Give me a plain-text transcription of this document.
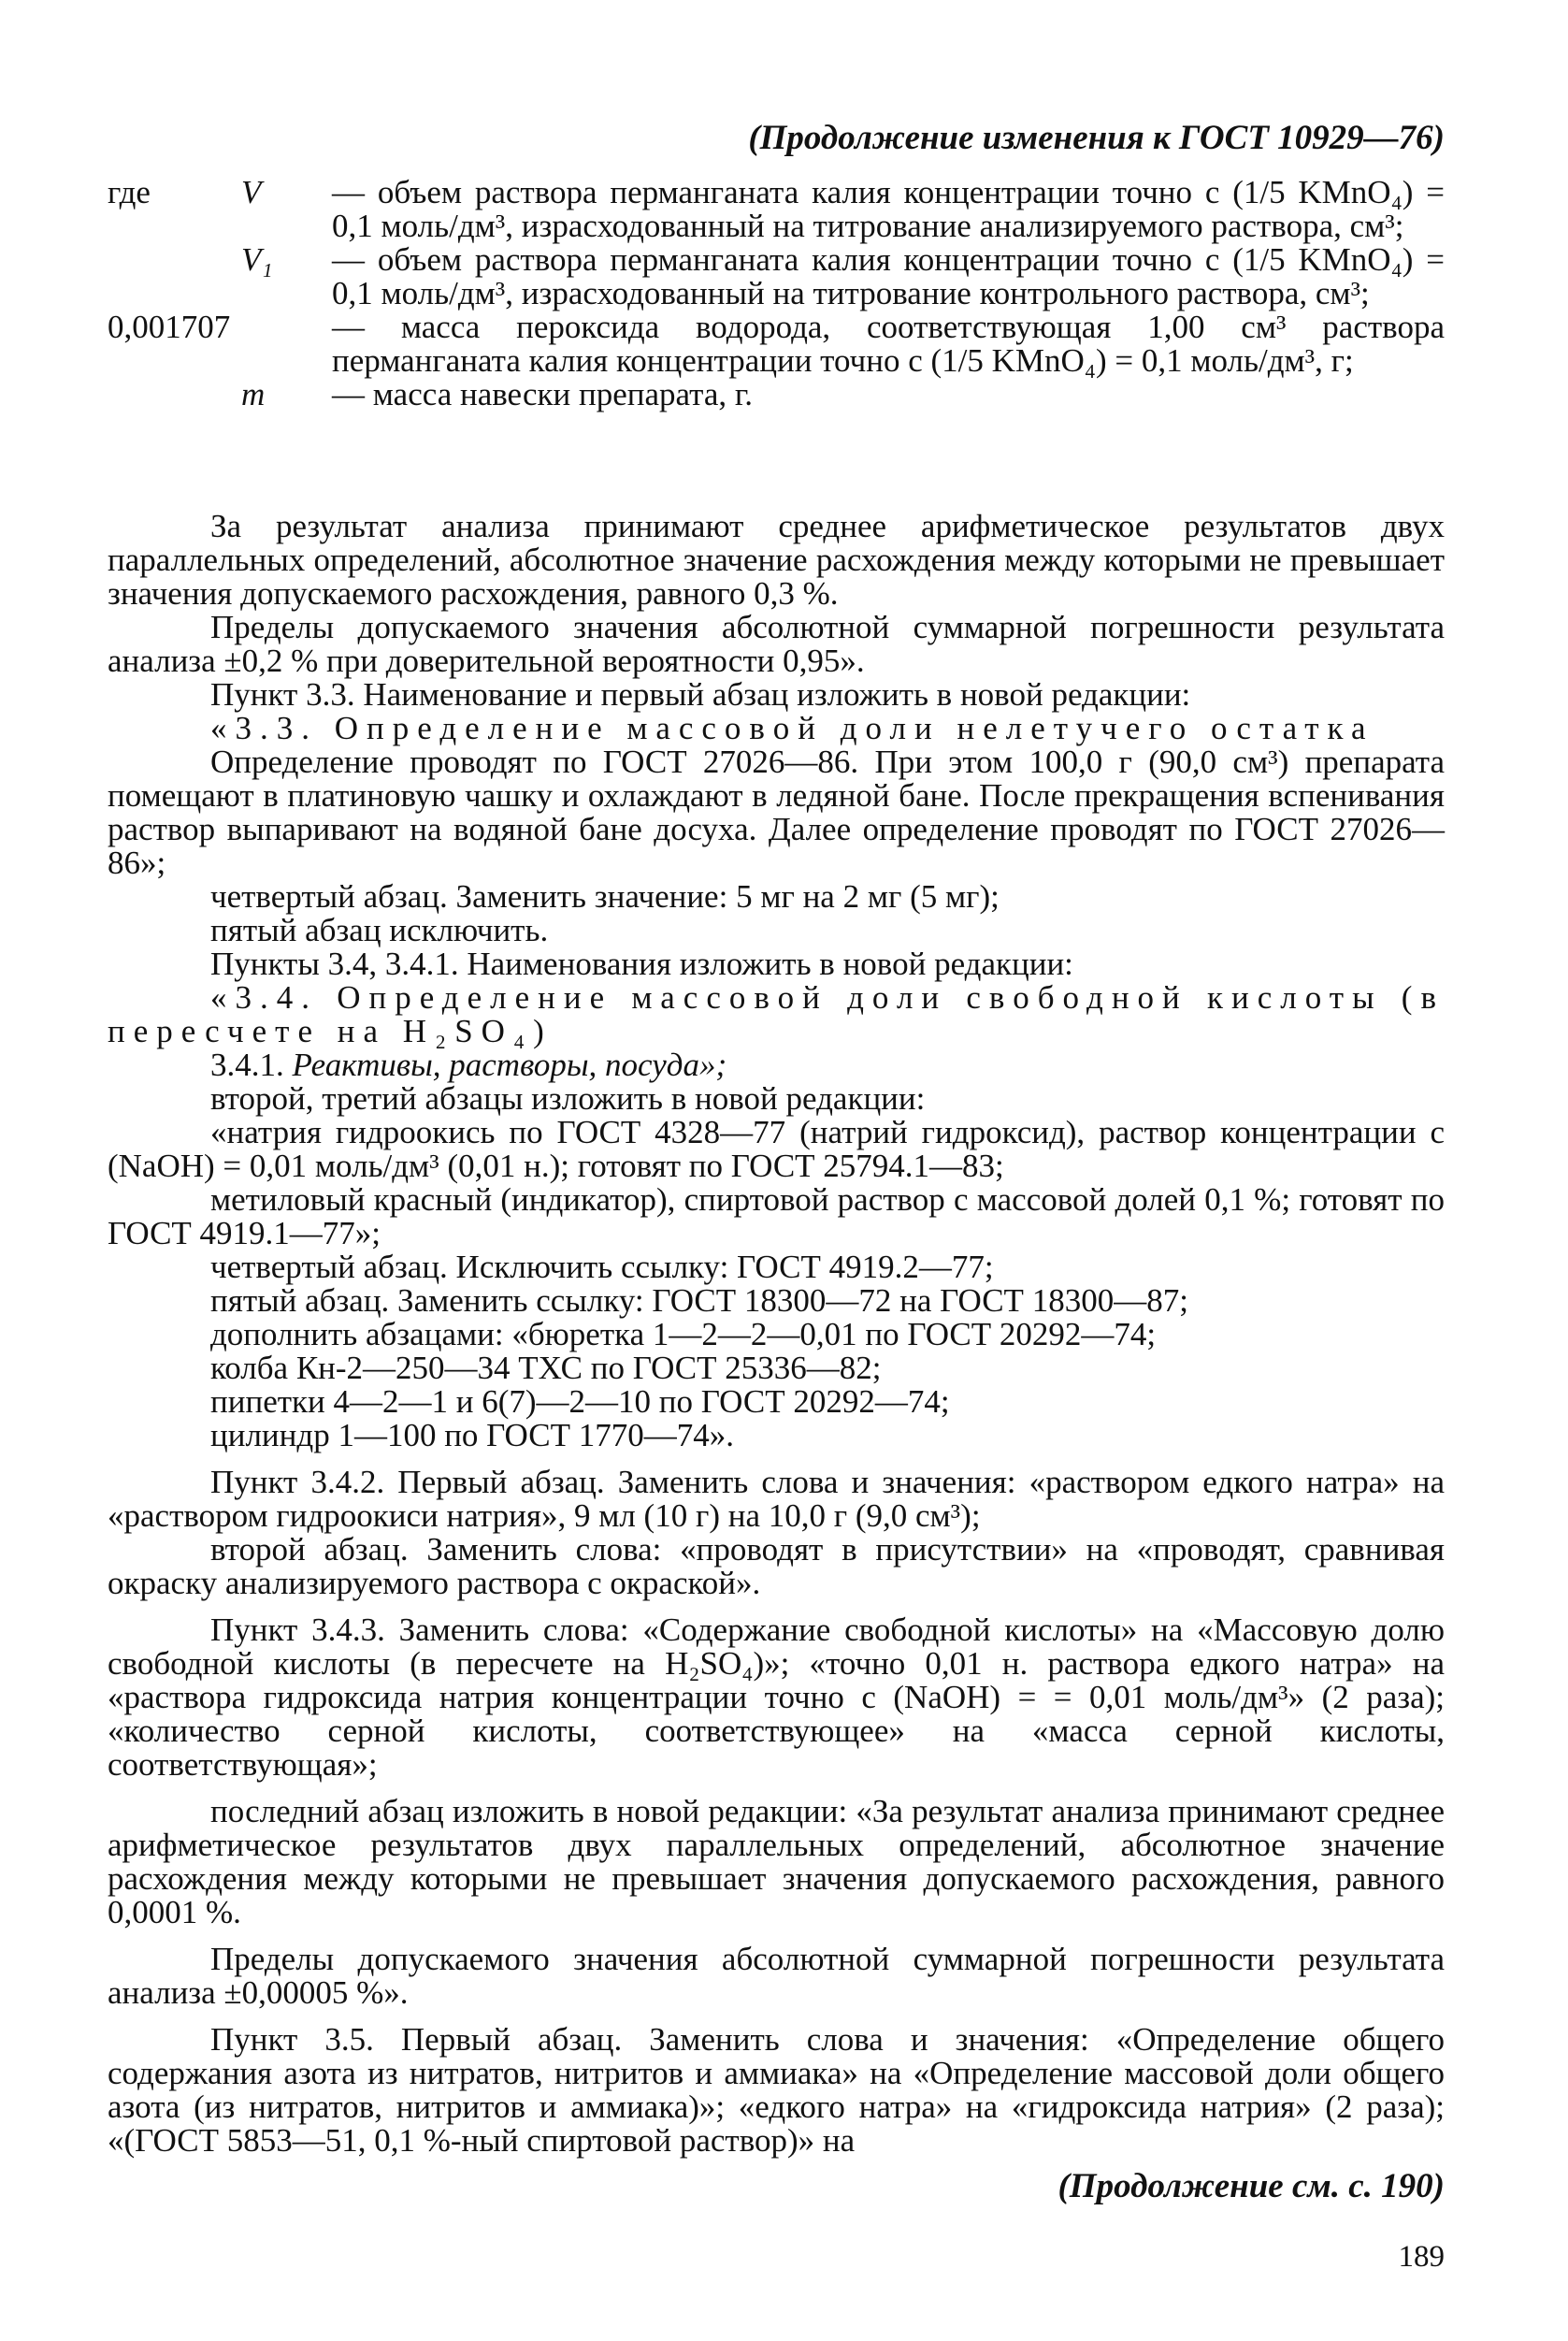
(Продолжение изменения к ГОСТ 10929—76)
где	V — объем раствора перманганата калия концентрации точно c (1/5 KMnO₄) = 0,1 моль/дм³, израсходованный на титрование анализируемого раствора, см³;
V₁ — объем раствора перманганата калия концентрации точно c (1/5 KMnO₄) = 0,1 моль/дм³, израсходованный на титрование контрольного раствора, см³;
0,001707	— масса пероксида водорода, соответствующая 1,00 см³ раствора перманганата калия концентрации точно c (1/5 KMnO₄) = 0,1 моль/дм³, г;
m — масса навески препарата, г.

За результат анализа принимают среднее арифметическое результатов двух параллельных определений, абсолютное значение расхождения между которыми не превышает значения допускаемого расхождения, равного 0,3 %.

Пределы допускаемого значения абсолютной суммарной погрешности результата анализа ±0,2 % при доверительной вероятности 0,95».

Пункт 3.3. Наименование и первый абзац изложить в новой редакции:

«3.3. Определение массовой доли нелетучего остатка

Определение проводят по ГОСТ 27026—86. При этом 100,0 г (90,0 см³) препарата помещают в платиновую чашку и охлаждают в ледяной бане. После прекращения вспенивания раствор выпаривают на водяной бане досуха. Далее определение проводят по ГОСТ 27026—86»;

четвертый абзац. Заменить значение: 5 мг на 2 мг (5 мг);

пятый абзац исключить.

Пункты 3.4, 3.4.1. Наименования изложить в новой редакции:

«3.4. Определение массовой доли свободной кислоты (в пересчете на H₂SO₄)

3.4.1. Реактивы, растворы, посуда»;

второй, третий абзацы изложить в новой редакции:

«натрия гидроокись по ГОСТ 4328—77 (натрий гидроксид), раствор концентрации c (NaOH) = 0,01 моль/дм³ (0,01 н.); готовят по ГОСТ 25794.1—83;

метиловый красный (индикатор), спиртовой раствор с массовой долей 0,1 %; готовят по ГОСТ 4919.1—77»;

четвертый абзац. Исключить ссылку: ГОСТ 4919.2—77;

пятый абзац. Заменить ссылку: ГОСТ 18300—72 на ГОСТ 18300—87;

дополнить абзацами: «бюретка 1—2—2—0,01 по ГОСТ 20292—74;

колба Кн-2—250—34 ТХС по ГОСТ 25336—82;

пипетки 4—2—1 и 6(7)—2—10 по ГОСТ 20292—74;

цилиндр 1—100 по ГОСТ 1770—74».

Пункт 3.4.2. Первый абзац. Заменить слова и значения: «раствором едкого натра» на «раствором гидроокиси натрия», 9 мл (10 г) на 10,0 г (9,0 см³);

второй абзац. Заменить слова: «проводят в присутствии» на «проводят, сравнивая окраску анализируемого раствора с окраской».

Пункт 3.4.3. Заменить слова: «Содержание свободной кислоты» на «Массовую долю свободной кислоты (в пересчете на H₂SO₄)»; «точно 0,01 н. раствора едкого натра» на «раствора гидроксида натрия концентрации точно c (NaOH) = = 0,01 моль/дм³» (2 раза); «количество серной кислоты, соответствующее» на «масса серной кислоты, соответствующая»;

последний абзац изложить в новой редакции: «За результат анализа принимают среднее арифметическое результатов двух параллельных определений, абсолютное значение расхождения между которыми не превышает значения допускаемого расхождения, равного 0,0001 %.

Пределы допускаемого значения абсолютной суммарной погрешности результата анализа ±0,00005 %».

Пункт 3.5. Первый абзац. Заменить слова и значения: «Определение общего содержания азота из нитратов, нитритов и аммиака» на «Определение массовой доли общего азота (из нитратов, нитритов и аммиака)»; «едкого натра» на «гидроксида натрия» (2 раза); «(ГОСТ 5853—51, 0,1 %-ный спиртовой раствор)» на

(Продолжение см. с. 190)
189
